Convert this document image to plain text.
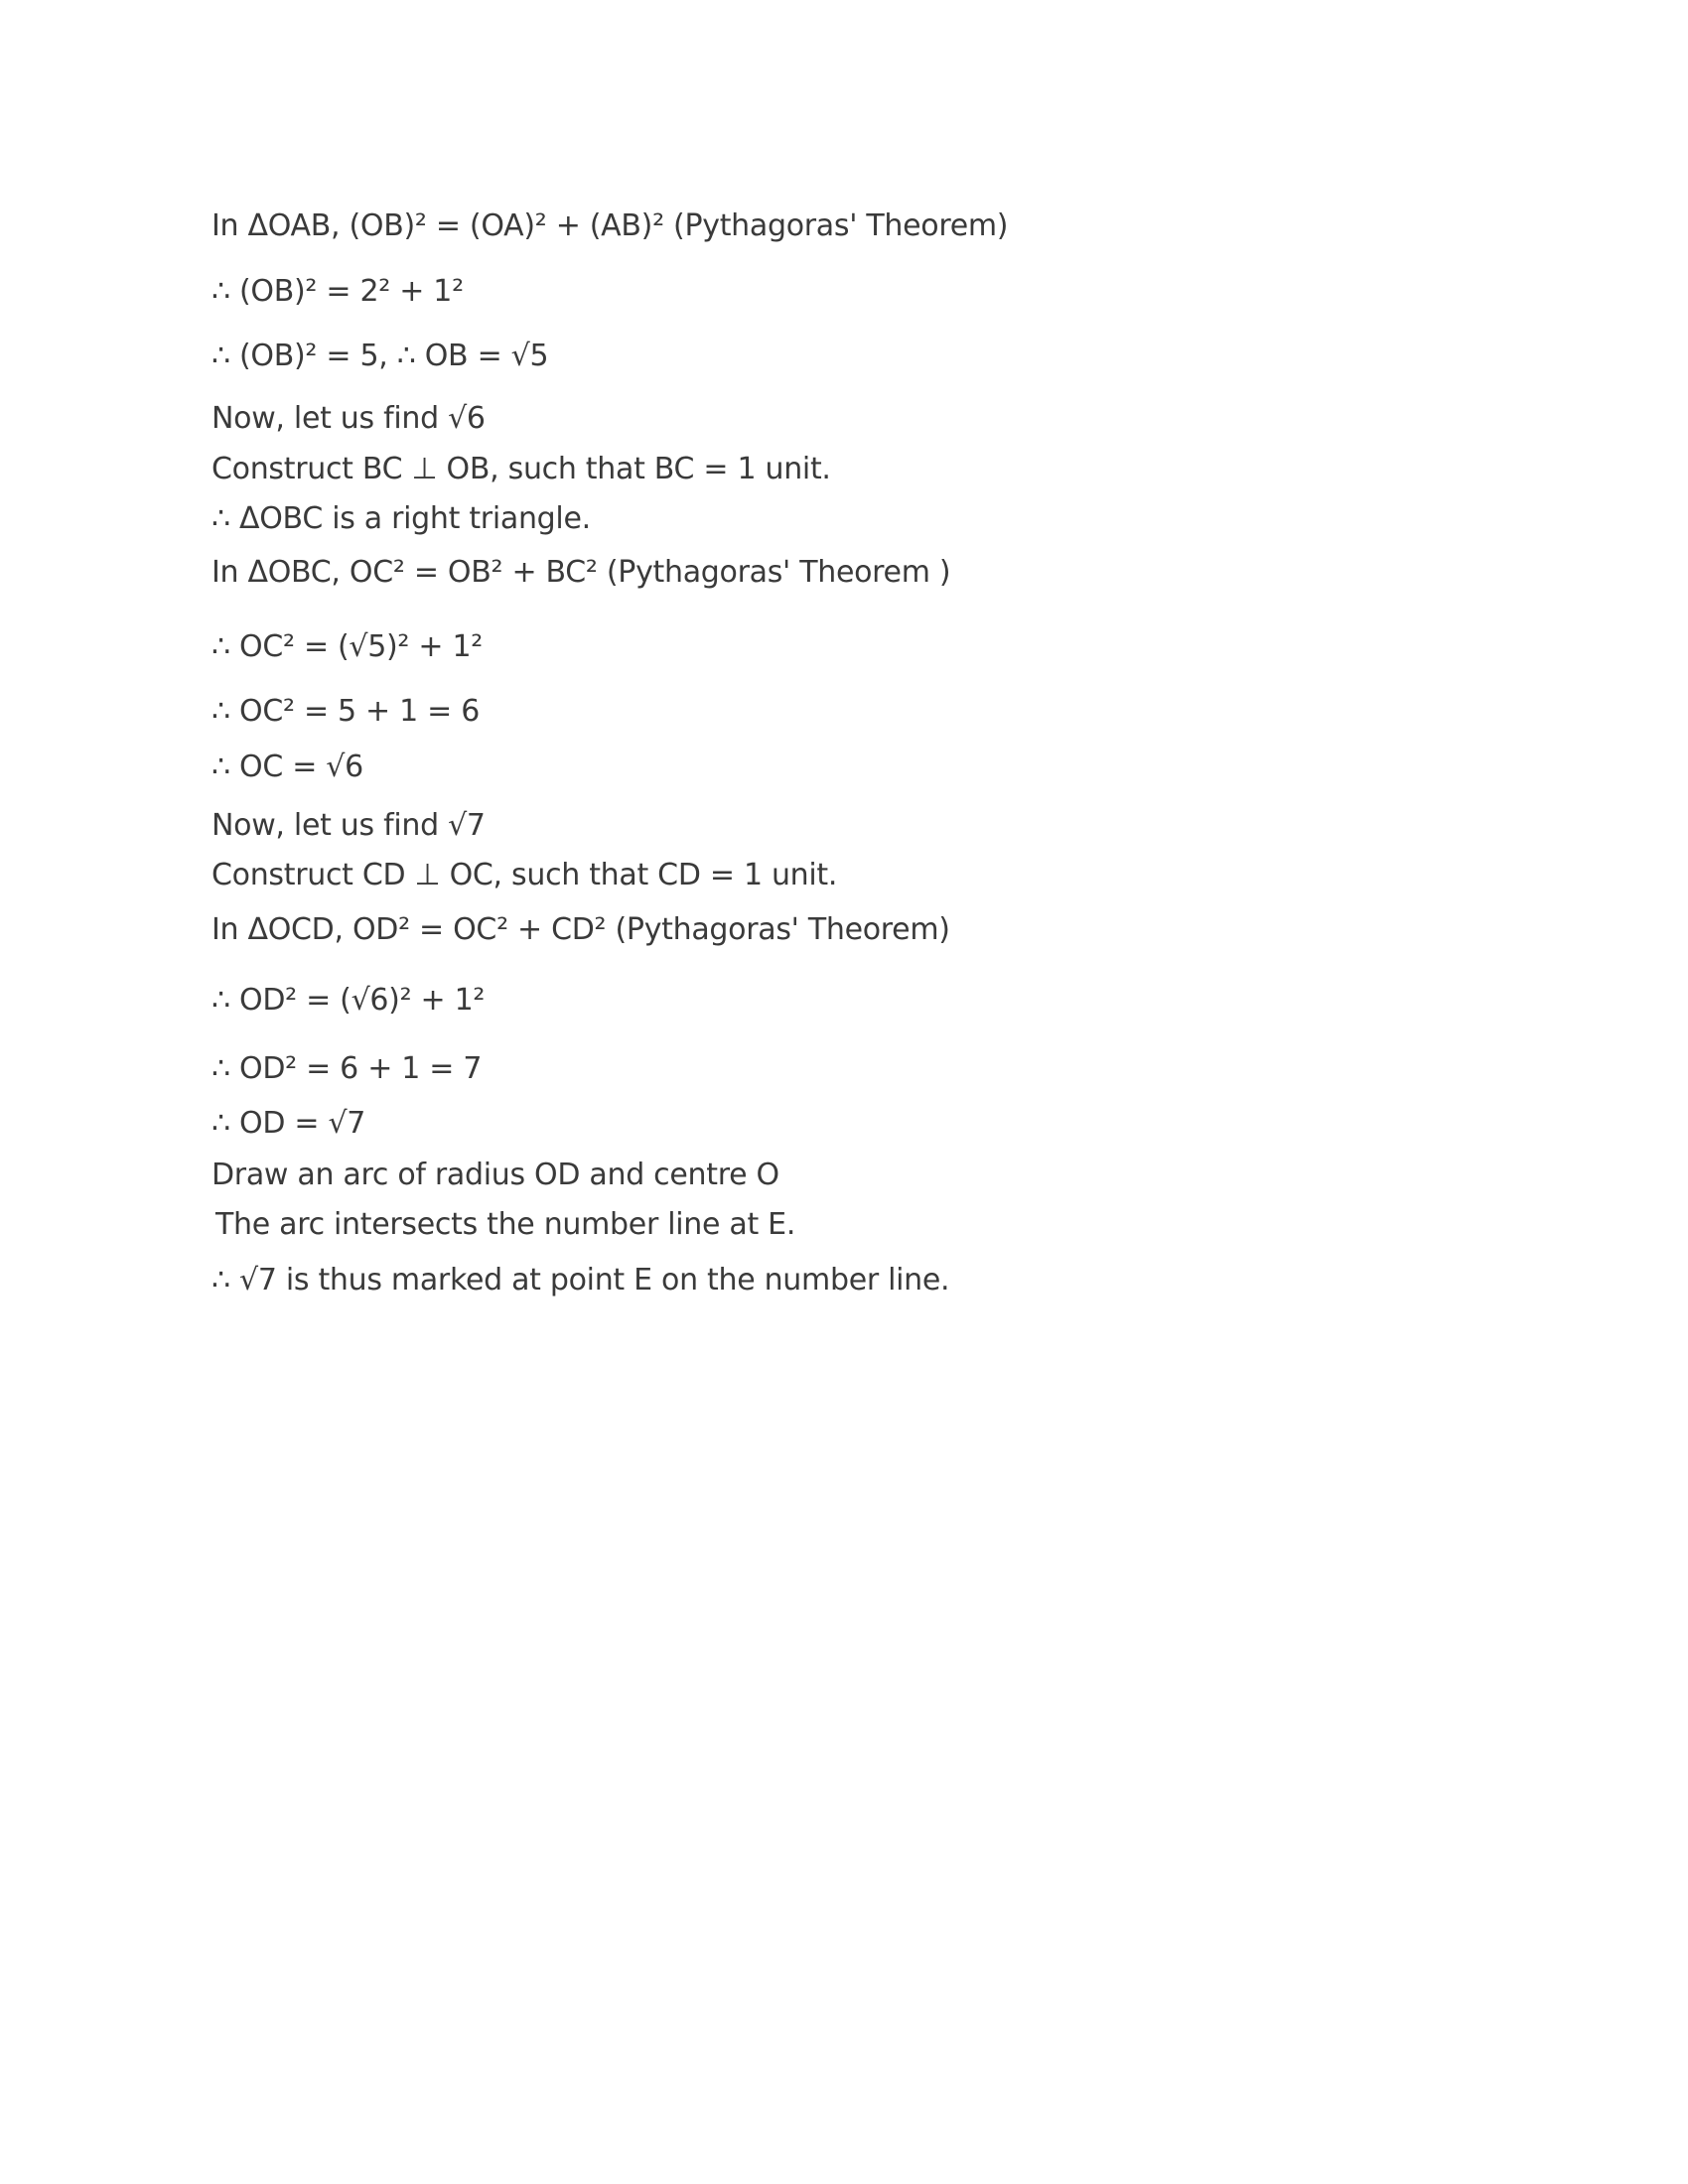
In ΔOAB, (OB)² = (OA)² + (AB)² (Pythagoras' Theorem)
∴ (OB)² = 2² + 1²
∴ (OB)² = 5, ∴ OB = √5
Now, let us find √6
Construct BC ⊥ OB, such that BC = 1 unit.
∴ ΔOBC is a right triangle.
In ΔOBC, OC² = OB² + BC² (Pythagoras' Theorem )
∴ OC² = (√5)² + 1²
∴ OC² = 5 + 1 = 6
∴ OC = √6
Now, let us find √7
Construct CD ⊥ OC, such that CD = 1 unit.
In ΔOCD, OD² = OC² + CD² (Pythagoras' Theorem)
∴ OD² = (√6)² + 1²
∴ OD² = 6 + 1 = 7
∴ OD = √7
Draw an arc of radius OD and centre O
The arc intersects the number line at E.
∴ √7 is thus marked at point E on the number line.
